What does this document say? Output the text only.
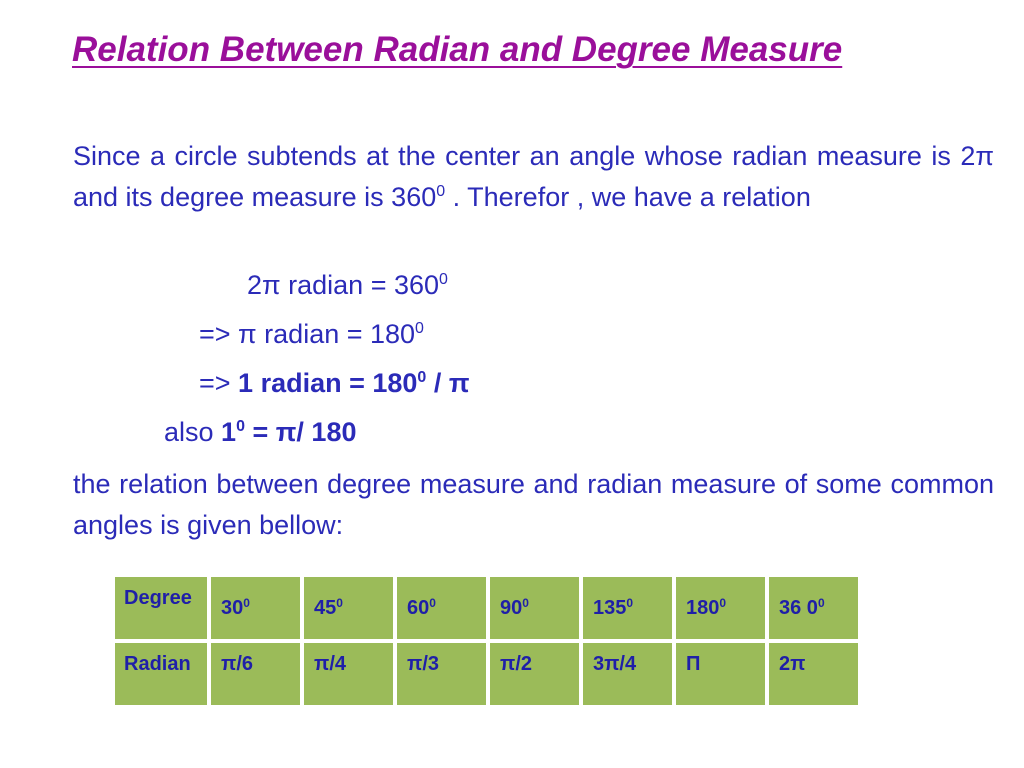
Relation Between Radian and Degree Measure
Since a circle subtends at the center an angle whose radian measure is 2π and its degree measure is $360^0$ . Therefor , we have a relation
2π radian = $360^0$
=> π radian = $180^0$
=> 1 radian = $180^0$ / π
also $1^0 = \pi/$ 180
the relation between degree measure and radian measure of some common angles is given bellow:
Degree	$30^0$	$45^0$	$60^0$	$90^0$	$135^0$	$180^0$	36 $0^0$
Radian	π/6	π/4	π/3	π/2	3π/4	Π	2π
